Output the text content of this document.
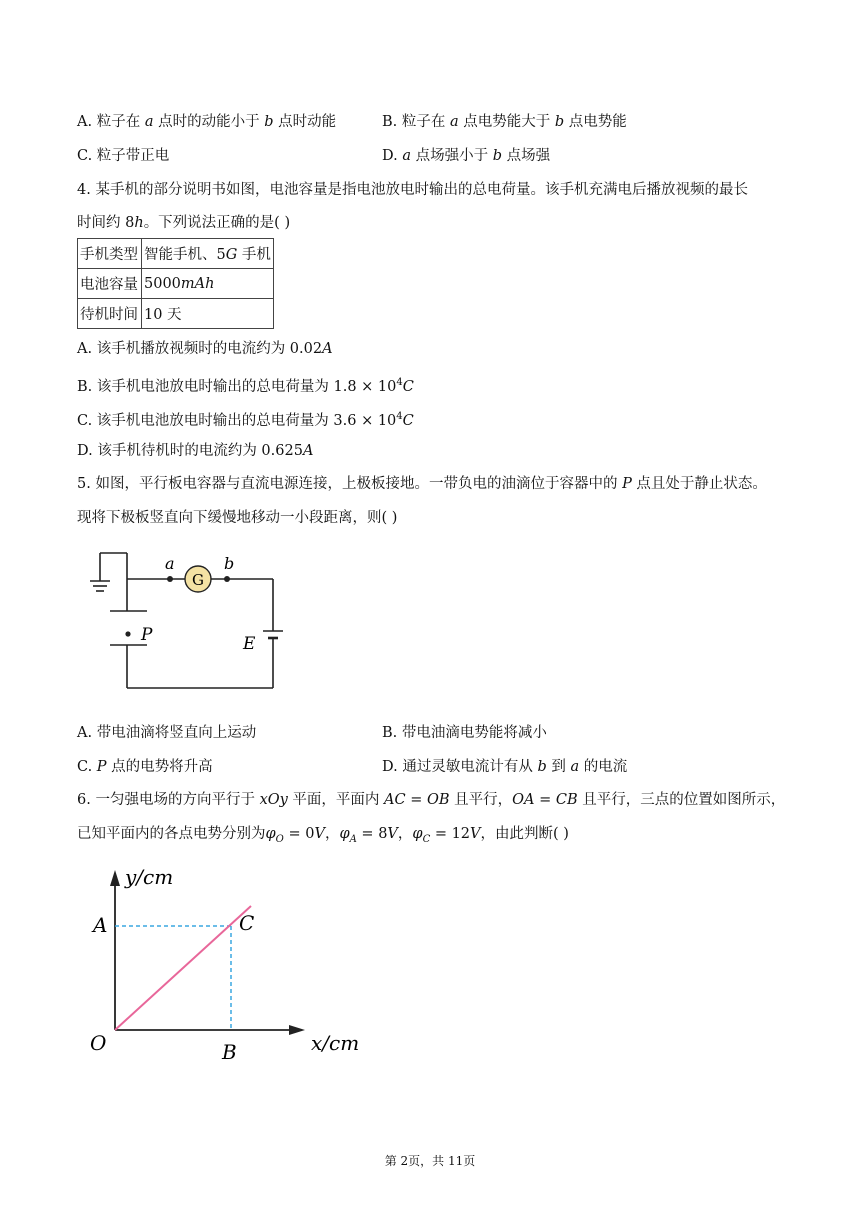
A. 粒子在 a 点时的动能小于 b 点时动能	B. 粒子在 a 点电势能大于 b 点电势能
C. 粒子带正电	D. a 点场强小于 b 点场强
4. 某手机的部分说明书如图，电池容量是指电池放电时输出的总电荷量。该手机充满电后播放视频的最长
时间约 8h。下列说法正确的是( )
手机类型	智能手机、5G 手机
电池容量	5000mAh
待机时间	10 天
A. 该手机播放视频时的电流约为 0.02A
B. 该手机电池放电时输出的总电荷量为 $1.8 \times 10^4C$
C. 该手机电池放电时输出的总电荷量为 $3.6 \times 10^4C$
D. 该手机待机时的电流约为 0.625A
5. 如图，平行板电容器与直流电源连接，上极板接地。一带负电的油滴位于容器中的 P 点且处于静止状态。
现将下极板竖直向下缓慢地移动一小段距离，则( )
G
a	b
P	E
A. 带电油滴将竖直向上运动	B. 带电油滴电势能将减小
C. P 点的电势将升高	D. 通过灵敏电流计有从 b 到 a 的电流
6. 一匀强电场的方向平行于 xOy 平面，平面内 AC = OB 且平行，OA = CB 且平行，三点的位置如图所示，
已知平面内的各点电势分别为$\varphi_O = 0V$，$\varphi_A = 8V$，$\varphi_C = 12V$，由此判断( )
y/cm
x/cm
O
A
B
C
第 2页，共 11页
